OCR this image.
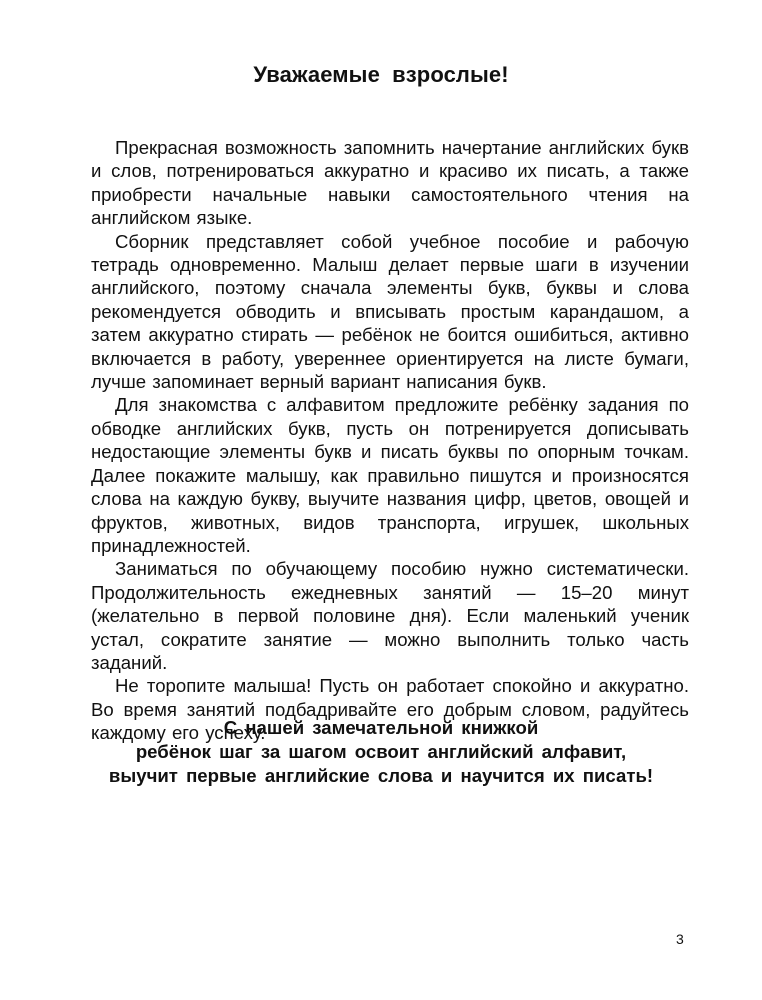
Уважаемые взрослые!

Прекрасная возможность запомнить начертание английских букв и слов, потренироваться аккуратно и красиво их писать, а также приобрести начальные навыки самостоятельного чтения на английском языке.

Сборник представляет собой учебное пособие и рабочую тетрадь одновременно. Малыш делает первые шаги в изучении английского, поэтому сначала элементы букв, буквы и слова рекомендуется обводить и вписывать простым карандашом, а затем аккуратно стирать — ребёнок не боится ошибиться, активно включается в работу, увереннее ориентируется на листе бумаги, лучше запоминает верный вариант написания букв.

Для знакомства с алфавитом предложите ребёнку задания по обводке английских букв, пусть он потренируется дописывать недостающие элементы букв и писать буквы по опорным точкам. Далее покажите малышу, как правильно пишутся и произносятся слова на каждую букву, выучите названия цифр, цветов, овощей и фруктов, животных, видов транспорта, игрушек, школьных принадлежностей.

Заниматься по обучающему пособию нужно систематически. Продолжительность ежедневных занятий — 15–20 минут (желательно в первой половине дня). Если маленький ученик устал, сократите занятие — можно выполнить только часть заданий.

Не торопите малыша! Пусть он работает спокойно и аккуратно. Во время занятий подбадривайте его добрым словом, радуйтесь каждому его успеху.

С нашей замечательной книжкой
ребёнок шаг за шагом освоит английский алфавит,
выучит первые английские слова и научится их писать!
3
